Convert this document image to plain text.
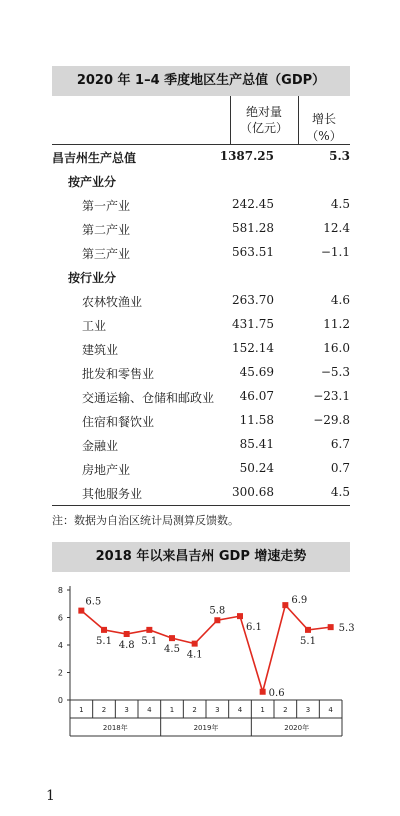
2020 年 1–4 季度地区生产总值（GDP）
绝对量
（亿元）
增长（%）
昌吉州生产总值	1387.25	5.3
按产业分
第一产业	242.45	4.5
第二产业	581.28	12.4
第三产业	563.51	−1.1
按行业分
农林牧渔业	263.70	4.6
工业	431.75	11.2
建筑业	152.14	16.0
批发和零售业	45.69	−5.3
交通运输、仓储和邮政业 46.07	−23.1
住宿和餐饮业	11.58	−29.8
金融业	85.41	6.7
房地产业	50.24	0.7
其他服务业	300.68	4.5
注：数据为自治区统计局测算反馈数。
2018 年以来昌吉州 GDP 增速走势
8
6
4
2
0
1	2	3	4	1	2	3	4	1	2	3	4
2018年	2019年	2020年
6.5
5.1 4.8 5.1
4.5 4.1
5.8
6.1
0.6
6.9
5.1
5.3
1
